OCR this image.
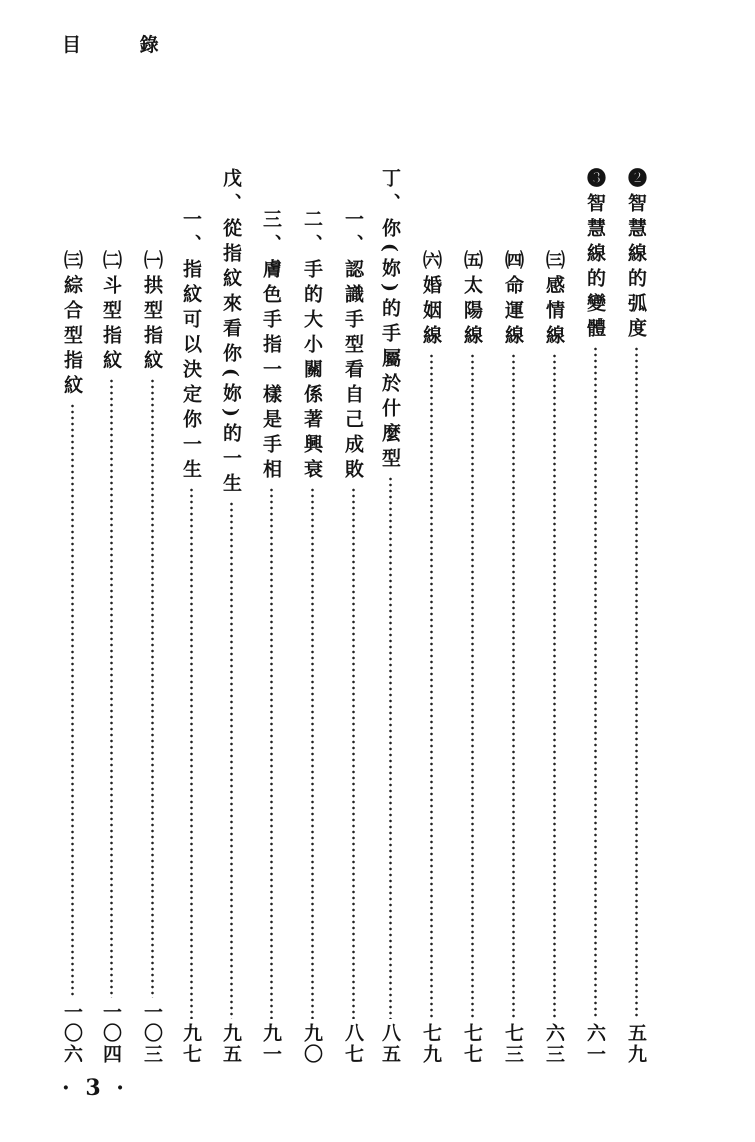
目 錄
❷智慧線的弧度
五九
❸智慧線的變體
六一
㈢感情線
六三
㈣命運線
七三
㈤太陽線
七七
㈥婚姻線
七九
丁、你(妳)的手屬於什麼型
八五
一、認識手型看自己成敗
八七
二、手的大小關係著興衰
九〇
三、膚色手指一樣是手相
九一
戊、從指紋來看你(妳)的一生
九五
一、指紋可以決定你一生
九七
㈠拱型指紋
一〇三
㈡斗型指紋
一〇四
㈢綜合型指紋
一〇六
· 3 ·
